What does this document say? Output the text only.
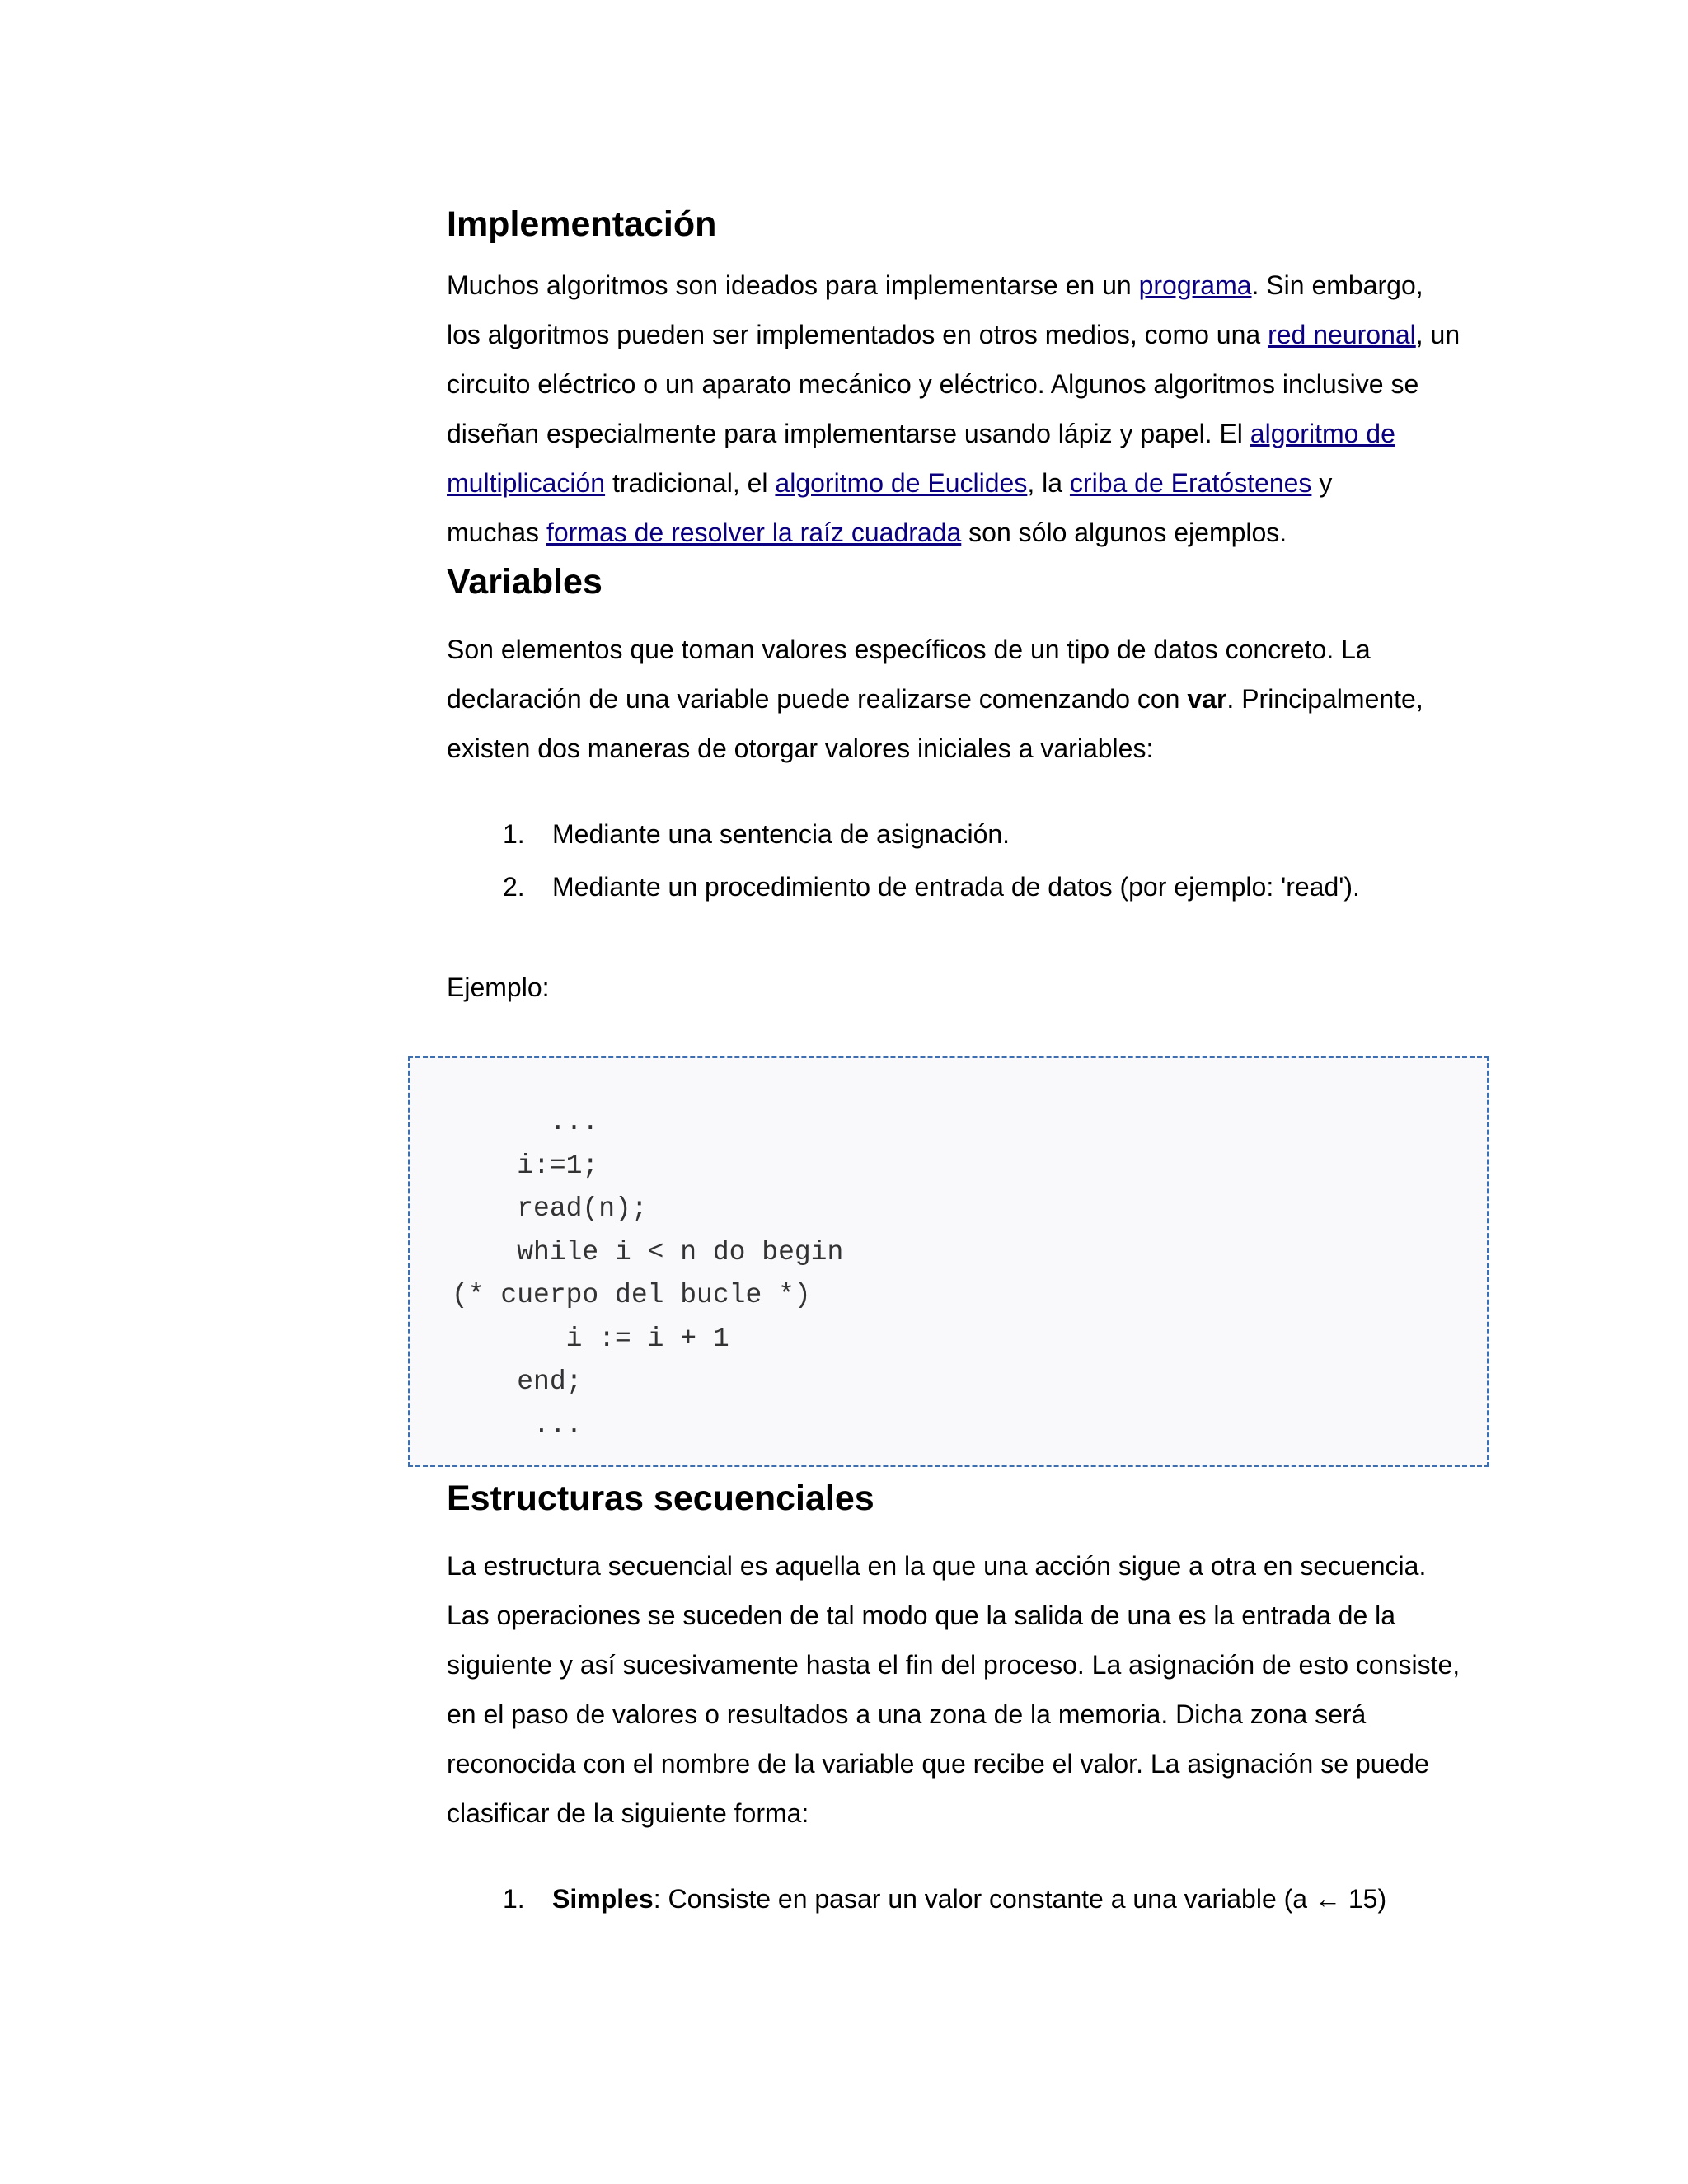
Implementación

Muchos algoritmos son ideados para implementarse en un programa. Sin embargo,
los algoritmos pueden ser implementados en otros medios, como una red neuronal, un
circuito eléctrico o un aparato mecánico y eléctrico. Algunos algoritmos inclusive se
diseñan especialmente para implementarse usando lápiz y papel. El algoritmo de
multiplicación tradicional, el algoritmo de Euclides, la criba de Eratóstenes y
muchas formas de resolver la raíz cuadrada son sólo algunos ejemplos.

Variables

Son elementos que toman valores específicos de un tipo de datos concreto. La
declaración de una variable puede realizarse comenzando con var. Principalmente,
existen dos maneras de otorgar valores iniciales a variables:

1. Mediante una sentencia de asignación.
2. Mediante un procedimiento de entrada de datos (por ejemplo: 'read').

Ejemplo:

...
i:=1;
read(n);
while i < n do begin
(* cuerpo del bucle *)
i := i + 1
end;
...
Estructuras secuenciales

La estructura secuencial es aquella en la que una acción sigue a otra en secuencia.
Las operaciones se suceden de tal modo que la salida de una es la entrada de la
siguiente y así sucesivamente hasta el fin del proceso. La asignación de esto consiste,
en el paso de valores o resultados a una zona de la memoria. Dicha zona será
reconocida con el nombre de la variable que recibe el valor. La asignación se puede
clasificar de la siguiente forma:

1. Simples: Consiste en pasar un valor constante a una variable (a ← 15)
